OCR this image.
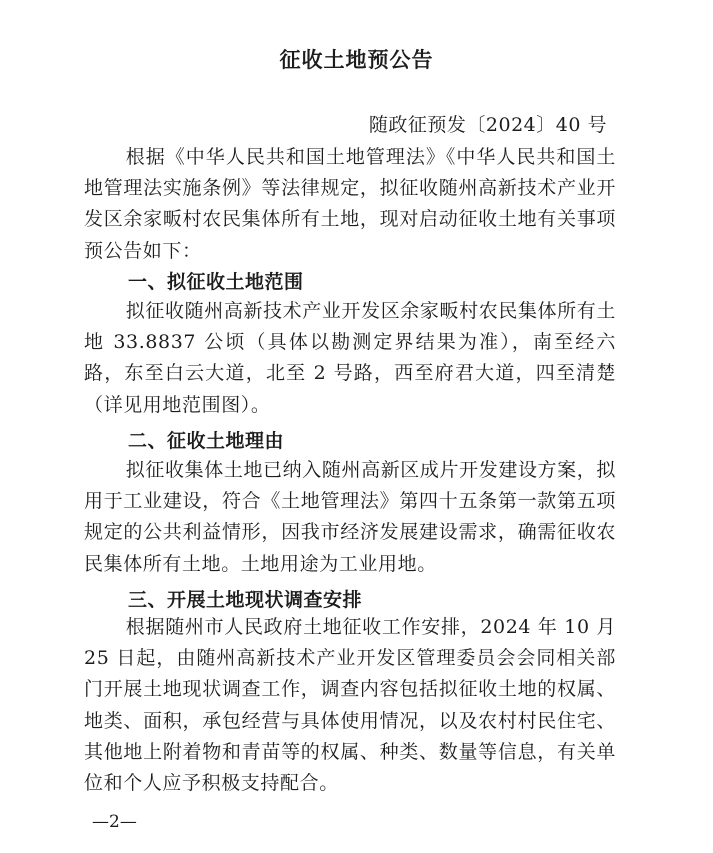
征收土地预公告
随政征预发〔2024〕40 号

根据《中华人民共和国土地管理法》《中华人民共和国土地管理法实施条例》等法律规定，拟征收随州高新技术产业开发区余家畈村农民集体所有土地，现对启动征收土地有关事项预公告如下：

一、拟征收土地范围

拟征收随州高新技术产业开发区余家畈村农民集体所有土地 33.8837 公顷（具体以勘测定界结果为准），南至经六路，东至白云大道，北至 2 号路，西至府君大道，四至清楚（详见用地范围图）。

二、征收土地理由

拟征收集体土地已纳入随州高新区成片开发建设方案，拟用于工业建设，符合《土地管理法》第四十五条第一款第五项规定的公共利益情形，因我市经济发展建设需求，确需征收农民集体所有土地。土地用途为工业用地。

三、开展土地现状调查安排

根据随州市人民政府土地征收工作安排，2024 年 10 月 25 日起，由随州高新技术产业开发区管理委员会会同相关部门开展土地现状调查工作，调查内容包括拟征收土地的权属、地类、面积，承包经营与具体使用情况，以及农村村民住宅、其他地上附着物和青苗等的权属、种类、数量等信息，有关单位和个人应予积极支持配合。

—2—
